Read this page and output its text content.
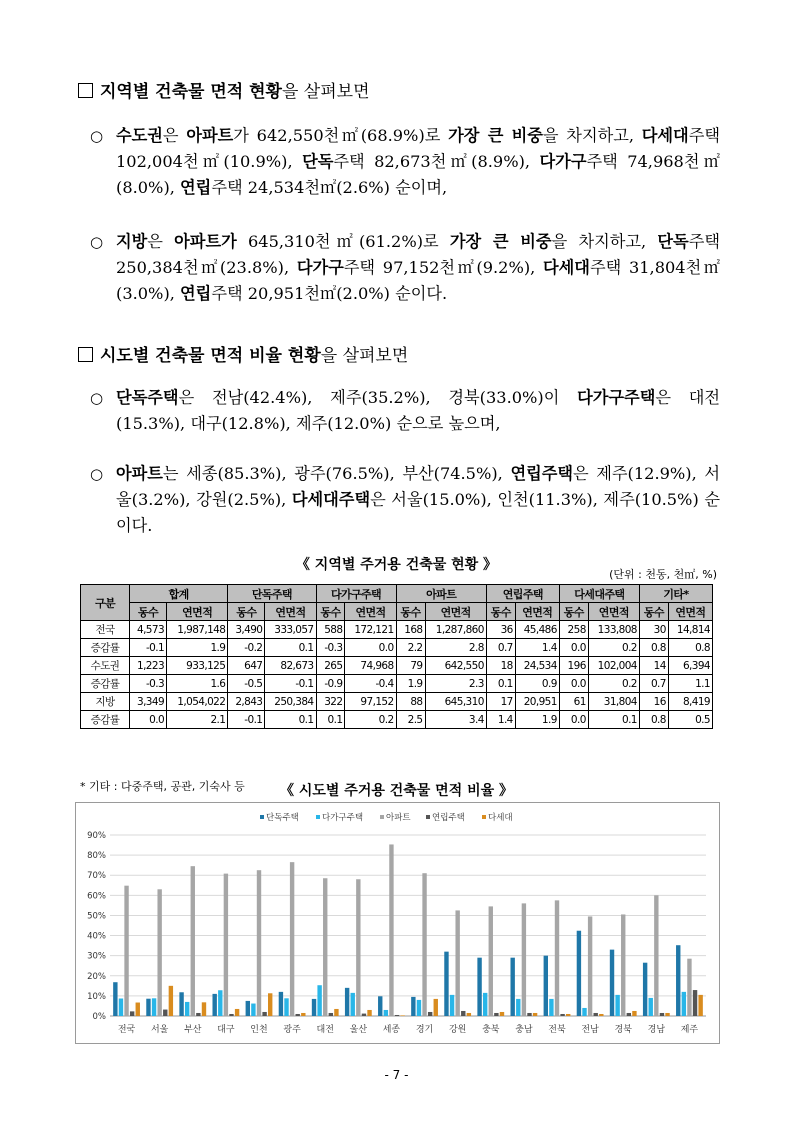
지역별 건축물 면적 현황을 살펴보면
○ 수도권은 아파트가 642,550천㎡(68.9%)로 가장 큰 비중을 차지하고, 다세대주택 102,004천㎡(10.9%), 단독주택 82,673천㎡(8.9%), 다가구주택 74,968천㎡(8.0%), 연립주택 24,534천㎡(2.6%) 순이며,
○ 지방은 아파트가 645,310천㎡(61.2%)로 가장 큰 비중을 차지하고, 단독주택 250,384천㎡(23.8%), 다가구주택 97,152천㎡(9.2%), 다세대주택 31,804천㎡(3.0%), 연립주택 20,951천㎡(2.0%) 순이다.
시도별 건축물 면적 비율 현황을 살펴보면
○ 단독주택은 전남(42.4%), 제주(35.2%), 경북(33.0%)이 다가구주택은 대전(15.3%), 대구(12.8%), 제주(12.0%) 순으로 높으며,
○ 아파트는 세종(85.3%), 광주(76.5%), 부산(74.5%), 연립주택은 제주(12.9%), 서울(3.2%), 강원(2.5%), 다세대주택은 서울(15.0%), 인천(11.3%), 제주(10.5%) 순이다.
《 지역별 주거용 건축물 현황 》
(단위 : 천동, 천㎡, %)
구분	합계		단독주택		다가구주택		아파트		연립주택		다세대주택		기타*	
	동수	연면적	동수	연면적	동수	연면적	동수	연면적	동수	연면적	동수	연면적	동수	연면적
전국	4,573	1,987,148	3,490	333,057	588	172,121	168	1,287,860	36	45,486	258	133,808	30	14,814
증감률	-0.1	1.9	-0.2	0.1	-0.3	0.0	2.2	2.8	0.7	1.4	0.0	0.2	0.8	0.8
수도권	1,223	933,125	647	82,673	265	74,968	79	642,550	18	24,534	196	102,004	14	6,394
증감률	-0.3	1.6	-0.5	-0.1	-0.9	-0.4	1.9	2.3	0.1	0.9	0.0	0.2	0.7	1.1
지방	3,349	1,054,022	2,843	250,384	322	97,152	88	645,310	17	20,951	61	31,804	16	8,419
증감률	0.0	2.1	-0.1	0.1	0.1	0.2	2.5	3.4	1.4	1.9	0.0	0.1	0.8	0.5
* 기타 : 다중주택, 공관, 기숙사 등	《 시도별 주거용 건축물 면적 비율 》
0%
10%
20%
30%
40%
50%
60%
70%
80%
90%
단독주택	다가구주택	아파트	연립주택	다세대
전국 서울 부산 대구 인천 광주 대전 울산 세종 경기 강원 충북 충남 전북 전남 경북 경남 제주
- 7 -
